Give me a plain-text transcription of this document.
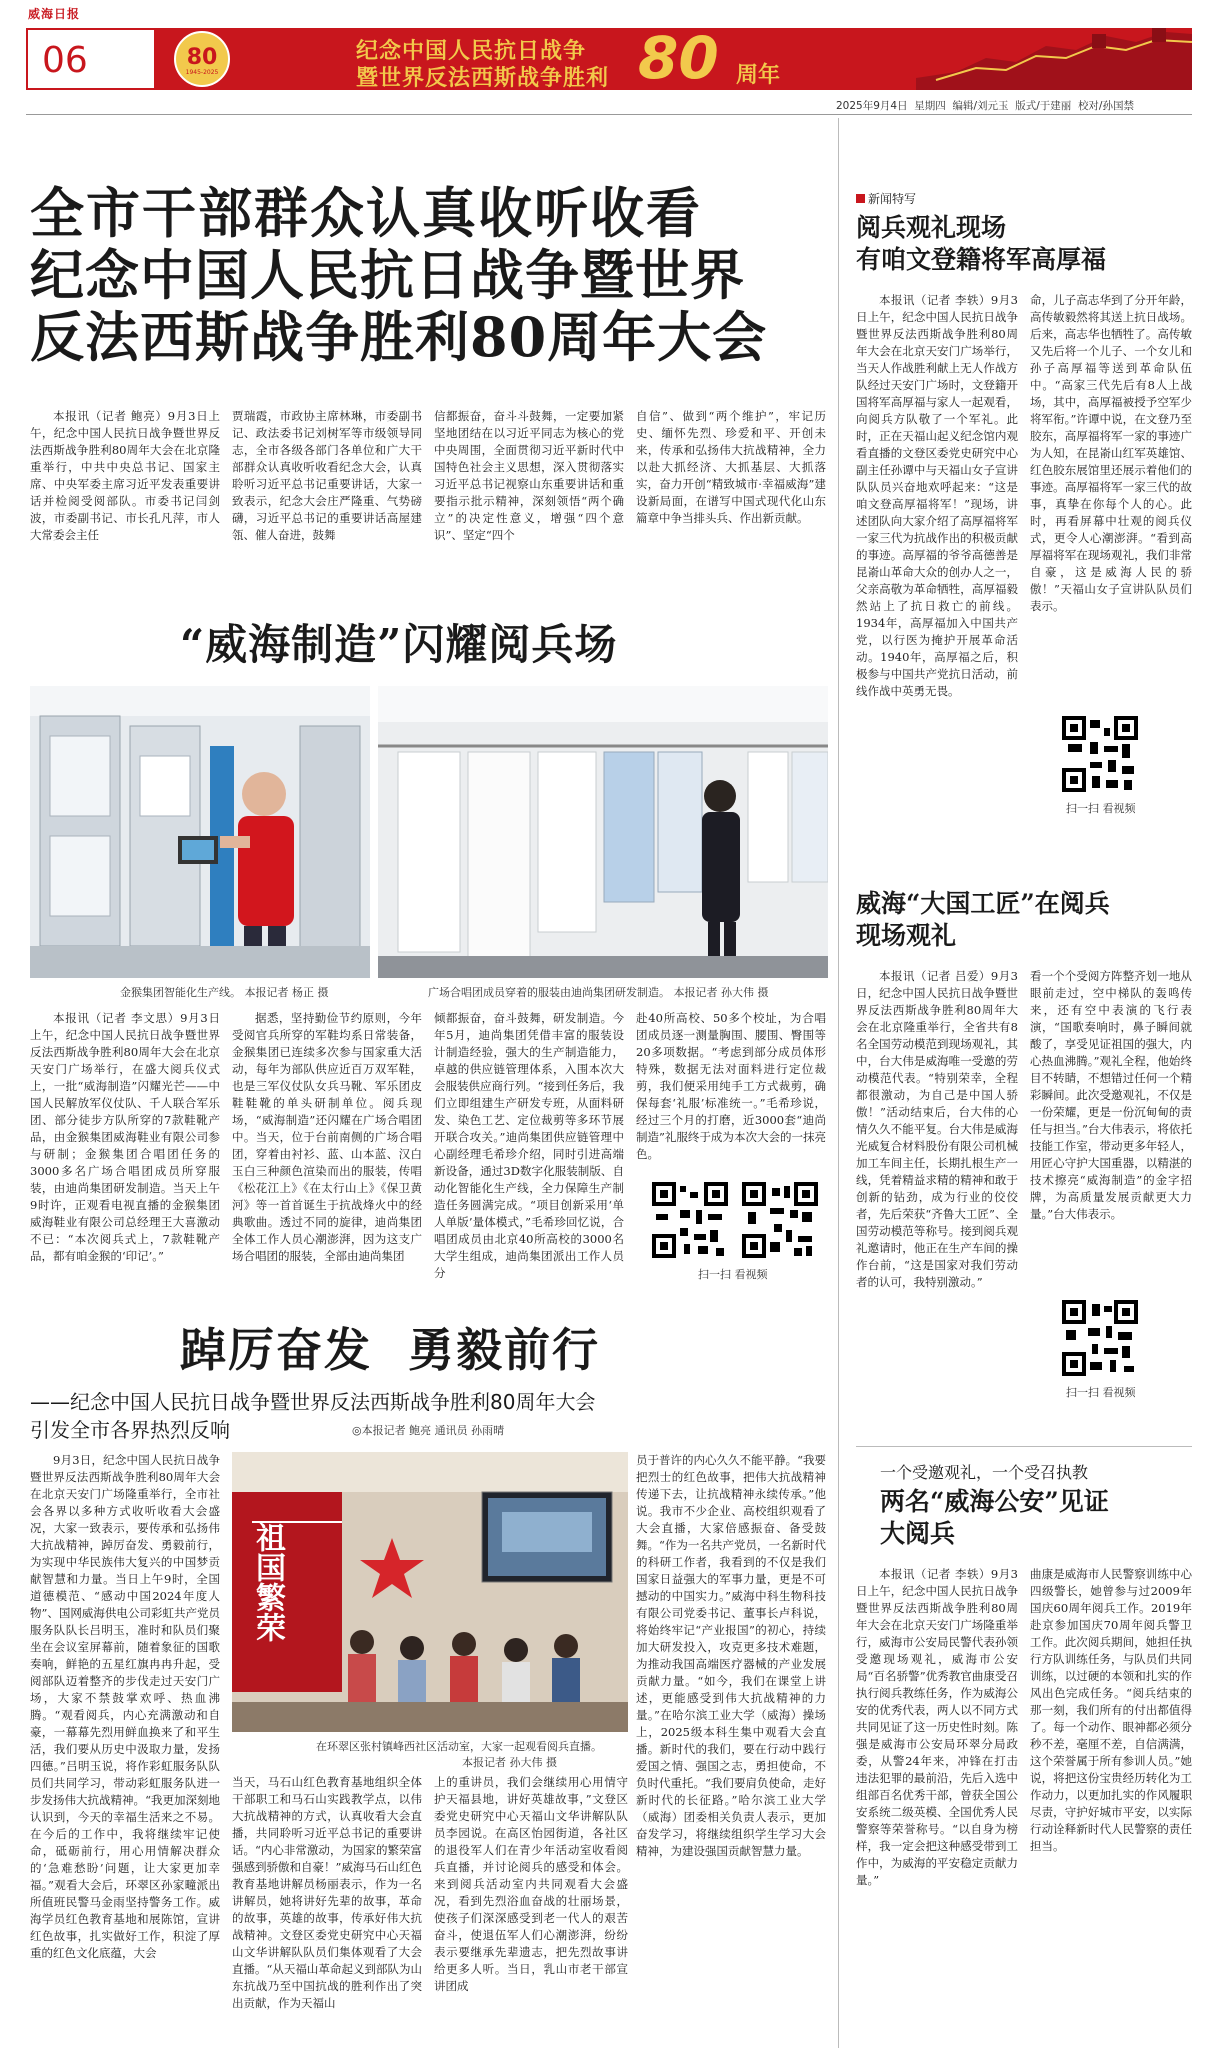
威海日报
06	80
1945-2025
纪念中国人民抗日战争
暨世界反法西斯战争胜利 80 周年
2025年9月4日 星期四 编辑/刘元玉 版式/于建丽 校对/孙国禁
全市干部群众认真收听收看
纪念中国人民抗日战争暨世界
反法西斯战争胜利80周年大会
本报讯（记者 鲍亮）9月3日上午，纪念中国人民抗日战争暨世界反法西斯战争胜利80周年大会在北京隆重举行，中共中央总书记、国家主席、中央军委主席习近平发表重要讲话并检阅受阅部队。市委书记闫剑波，市委副书记、市长孔凡萍，市人大常委会主任
贾瑞霞，市政协主席林琳，市委副书记、政法委书记刘树军等市级领导同志，全市各级各部门各单位和广大干部群众认真收听收看纪念大会，认真聆听习近平总书记重要讲话，大家一致表示，纪念大会庄严隆重、气势磅礴，习近平总书记的重要讲话高屋建瓴、催人奋进，鼓舞
信都振奋，奋斗斗鼓舞，一定要加紧坚地团结在以习近平同志为核心的党中央周围，全面贯彻习近平新时代中国特色社会主义思想，深入贯彻落实习近平总书记视察山东重要讲话和重要指示批示精神，深刻领悟“两个确立”的决定性意义，增强“四个意识”、坚定“四个
自信”、做到“两个维护”，牢记历史、缅怀先烈、珍爱和平、开创未来，传承和弘扬伟大抗战精神，全力以赴大抓经济、大抓基层、大抓落实，奋力开创“精致城市·幸福威海”建设新局面，在谱写中国式现代化山东篇章中争当排头兵、作出新贡献。
“威海制造”闪耀阅兵场
金猴集团智能化生产线。 本报记者 杨正 摄	广场合唱团成员穿着的服装由迪尚集团研发制造。 本报记者 孙大伟 摄
本报讯（记者 李文思）9月3日上午，纪念中国人民抗日战争暨世界反法西斯战争胜利80周年大会在北京天安门广场举行，在盛大阅兵仪式上，一批“威海制造”闪耀光芒——中国人民解放军仪仗队、千人联合军乐团、部分徒步方队所穿的7款鞋靴产品，由金猴集团威海鞋业有限公司参与研制；金猴集团合唱团任务的3000多名广场合唱团成员所穿服装，由迪尚集团研发制造。当天上午9时许，正观看电视直播的金猴集团威海鞋业有限公司总经理王大喜激动不已：“本次阅兵式上，7款鞋靴产品，都有咱金猴的‘印记’。”
据悉，坚持勤俭节约原则，今年受阅官兵所穿的军鞋均系日常装备，金猴集团已连续多次参与国家重大活动，每年为部队供应近百万双军鞋，也是三军仪仗队女兵马靴、军乐团皮鞋鞋靴的单头研制单位。阅兵现场，“威海制造”还闪耀在广场合唱团中。当天，位于台前南侧的广场合唱团，穿着由衬衫、蓝、山本蓝、汉白玉白三种颜色渲染而出的服装，传唱《松花江上》《在太行山上》《保卫黄河》等一首首诞生于抗战烽火中的经典歌曲。透过不同的旋律，迪尚集团全体工作人员心潮澎湃，因为这支广场合唱团的服装，全部由迪尚集团
倾都振奋，奋斗鼓舞，研发制造。今年5月，迪尚集团凭借丰富的服装设计制造经验，强大的生产制造能力，卓越的供应链管理体系，入围本次大会服装供应商行列。“接到任务后，我们立即组建生产研发专班，从面料研发、染色工艺、定位裁剪等多环节展开联合攻关。”迪尚集团供应链管理中心副经理毛希珍介绍，同时引进高端新设备，通过3D数字化服装制版、自动化智能化生产线，全力保障生产制造任务圆满完成。“项目创新采用‘单人单版’量体模式，”毛希珍回忆说，合唱团成员由北京40所高校的3000名大学生组成，迪尚集团派出工作人员分
赴40所高校、50多个校址，为合唱团成员逐一测量胸围、腰围、臀围等20多项数据。“考虑到部分成员体形特殊，数据无法对面料进行定位裁剪，我们便采用纯手工方式裁剪，确保每套‘礼服’标准统一。”毛希珍说，经过三个月的打磨，近3000套“迪尚制造”礼服终于成为本次大会的一抹亮色。
扫一扫 看视频
踔厉奋发  勇毅前行
——纪念中国人民抗日战争暨世界反法西斯战争胜利80周年大会
引发全市各界热烈反响	◎本报记者 鲍亮 通讯员 孙雨晴
9月3日，纪念中国人民抗日战争暨世界反法西斯战争胜利80周年大会在北京天安门广场隆重举行，全市社会各界以多种方式收听收看大会盛况，大家一致表示，要传承和弘扬伟大抗战精神，踔厉奋发、勇毅前行，为实现中华民族伟大复兴的中国梦贡献智慧和力量。当日上午9时，全国道德模范、“感动中国2024年度人物”、国网威海供电公司彩虹共产党员服务队队长吕明玉，准时和队员们聚坐在会议室屏幕前，随着象征的国歌奏响，鲜艳的五星红旗冉冉升起，受阅部队迈着整齐的步伐走过天安门广场，大家不禁鼓掌欢呼、热血沸腾。“观看阅兵，内心充满激动和自豪，一幕幕先烈用鲜血换来了和平生活，我们要从历史中汲取力量，发扬四德。”吕明玉说，将作彩虹服务队队员们共同学习，带动彩虹服务队进一步发扬伟大抗战精神。“我更加深刻地认识到，今天的幸福生活来之不易。在今后的工作中，我将继续牢记使命，砥砺前行，用心用情解决群众的‘急难愁盼’问题，让大家更加幸福。”观看大会后，环翠区孙家疃派出所值班民警马金雨坚持警务工作。威海学员红色教育基地和展陈馆，宣讲红色故事，扎实做好工作，积淀了厚重的红色文化底蕴，大会
祖国繁荣
在环翠区张村镇峰西社区活动室，大家一起观看阅兵直播。
本报记者 孙大伟 摄
当天，马石山红色教育基地组织全体干部职工和马石山实践教学点，以伟大抗战精神的方式，认真收看大会直播，共同聆听习近平总书记的重要讲话。“内心非常激动，为国家的繁荣富强感到骄傲和自豪！”威海马石山红色教育基地讲解员杨丽表示，作为一名讲解员，她将讲好先辈的故事，革命的故事，英雄的故事，传承好伟大抗战精神。文登区委党史研究中心天福山文华讲解队队员们集体观看了大会直播。“从天福山革命起义到部队为山东抗战乃至中国抗战的胜利作出了突出贡献，作为天福山
上的重讲员，我们会继续用心用情守护天福县地，讲好英雄故事，”文登区委党史研究中心天福山文华讲解队队员李园说。在高区怡园街道，各社区的退役军人们在青少年活动室收看阅兵直播，并讨论阅兵的感受和体会。来到阅兵活动室内共同观看大会盛况，看到先烈浴血奋战的壮丽场景，使孩子们深深感受到老一代人的艰苦奋斗，使退伍军人们心潮澎湃，纷纷表示要继承先辈遗志，把先烈故事讲给更多人听。当日，乳山市老干部宣讲团成
员于普许的内心久久不能平静。“我要把烈士的红色故事，把伟大抗战精神传递下去，让抗战精神永续传承。”他说。我市不少企业、高校组织观看了大会直播，大家倍感振奋、备受鼓舞。“作为一名共产党员，一名新时代的科研工作者，我看到的不仅是我们国家日益强大的军事力量，更是不可撼动的中国实力。”威海中科生物科技有限公司党委书记、董事长卢科说，将始终牢记“产业报国”的初心，持续加大研发投入，攻克更多技术难题，为推动我国高端医疗器械的产业发展贡献力量。“如今，我们在课堂上讲述，更能感受到伟大抗战精神的力量。”在哈尔滨工业大学（威海）操场上，2025级本科生集中观看大会直播。新时代的我们，要在行动中践行爱国之情、强国之志，勇担使命，不负时代重托。“我们要肩负使命，走好新时代的长征路。”哈尔滨工业大学（威海）团委相关负责人表示，更加奋发学习，将继续组织学生学习大会精神，为建设强国贡献智慧力量。
新闻特写
阅兵观礼现场
有咱文登籍将军高厚福
本报讯（记者 李轶）9月3日上午，纪念中国人民抗日战争暨世界反法西斯战争胜利80周年大会在北京天安门广场举行，当天人作战胜利献上无人作战方队经过天安门广场时，文登籍开国将军高厚福与家人一起观看，向阅兵方队敬了一个军礼。此时，正在天福山起义纪念馆内观看直播的文登区委党史研究中心副主任孙谭中与天福山女子宣讲队队员兴奋地欢呼起来：“这是咱文登高厚福将军！”现场，讲述团队向大家介绍了高厚福将军一家三代为抗战作出的积极贡献的事迹。高厚福的爷爷高德善是昆嵛山革命大众的创办人之一，父亲高敬为革命牺牲，高厚福毅然站上了抗日救亡的前线。1934年，高厚福加入中国共产党，以行医为掩护开展革命活动。1940年，高厚福之后，积极参与中国共产党抗日活动，前线作战中英勇无畏。
命，儿子高志华到了分开年龄，高传敏毅然将其送上抗日战场。后来，高志华也牺牲了。高传敏又先后将一个儿子、一个女儿和孙子高厚福等送到革命队伍中。“高家三代先后有8人上战场，其中，高厚福被授予空军少将军衔。”许谭中说，在文登乃至胶东，高厚福将军一家的事迹广为人知，在昆嵛山红军英雄馆、红色胶东展馆里还展示着他们的事迹。高厚福将军一家三代的故事，真挚在你每个人的心。此时，再看屏幕中壮观的阅兵仪式，更令人心潮澎湃。“看到高厚福将军在现场观礼，我们非常自豪，这是威海人民的骄傲！”天福山女子宣讲队队员们表示。
扫一扫 看视频
威海“大国工匠”在阅兵
现场观礼
本报讯（记者 吕爱）9月3日，纪念中国人民抗日战争暨世界反法西斯战争胜利80周年大会在北京隆重举行，全省共有8名全国劳动模范到现场观礼，其中，台大伟是威海唯一受邀的劳动模范代表。“特别荣幸，全程都很激动，为自己是中国人骄傲！”活动结束后，台大伟的心情久久不能平复。台大伟是威海光威复合材料股份有限公司机械加工车间主任，长期扎根生产一线，凭着精益求精的精神和敢于创新的钻劲，成为行业的佼佼者，先后荣获“齐鲁大工匠”、全国劳动模范等称号。接到阅兵观礼邀请时，他正在生产车间的操作台前，“这是国家对我们劳动者的认可，我特别激动。”
看一个个受阅方阵整齐划一地从眼前走过，空中梯队的轰鸣传来，还有空中表演的飞行表演，“国歌奏响时，鼻子瞬间就酸了，享受见证祖国的强大，内心热血沸腾。”观礼全程，他始终目不转睛，不想错过任何一个精彩瞬间。此次受邀观礼，不仅是一份荣耀，更是一份沉甸甸的责任与担当。”台大伟表示，将依托技能工作室，带动更多年轻人，用匠心守护大国重器，以精湛的技术擦亮“威海制造”的金字招牌，为高质量发展贡献更大力量。”台大伟表示。
扫一扫 看视频
一个受邀观礼，一个受召执教
两名“威海公安”见证
大阅兵
本报讯（记者 李轶）9月3日上午，纪念中国人民抗日战争暨世界反法西斯战争胜利80周年大会在北京天安门广场隆重举行，威海市公安局民警代表孙领受邀现场观礼，威海市公安局“百名骄警”优秀教官曲康受召执行阅兵教练任务，作为威海公安的优秀代表，两人以不同方式共同见证了这一历史性时刻。陈强是威海市公安局环翠分局政委，从警24年来，冲锋在打击违法犯罪的最前沿，先后入选中组部百名优秀干部，曾获全国公安系统二级英模、全国优秀人民警察等荣誉称号。“以自身为榜样，我一定会把这种感受带到工作中，为威海的平安稳定贡献力量。”
曲康是威海市人民警察训练中心四级警长，她曾参与过2009年国庆60周年阅兵工作。2019年赴京参加国庆70周年阅兵警卫工作。此次阅兵期间，她担任执行方队训练任务，与队员们共同训练，以过硬的本领和扎实的作风出色完成任务。“阅兵结束的那一刻，我们所有的付出都值得了。每一个动作、眼神都必须分秒不差，毫厘不差，自信满满，这个荣誉属于所有参训人员。”她说，将把这份宝贵经历转化为工作动力，以更加扎实的作风履职尽责，守护好城市平安，以实际行动诠释新时代人民警察的责任担当。
